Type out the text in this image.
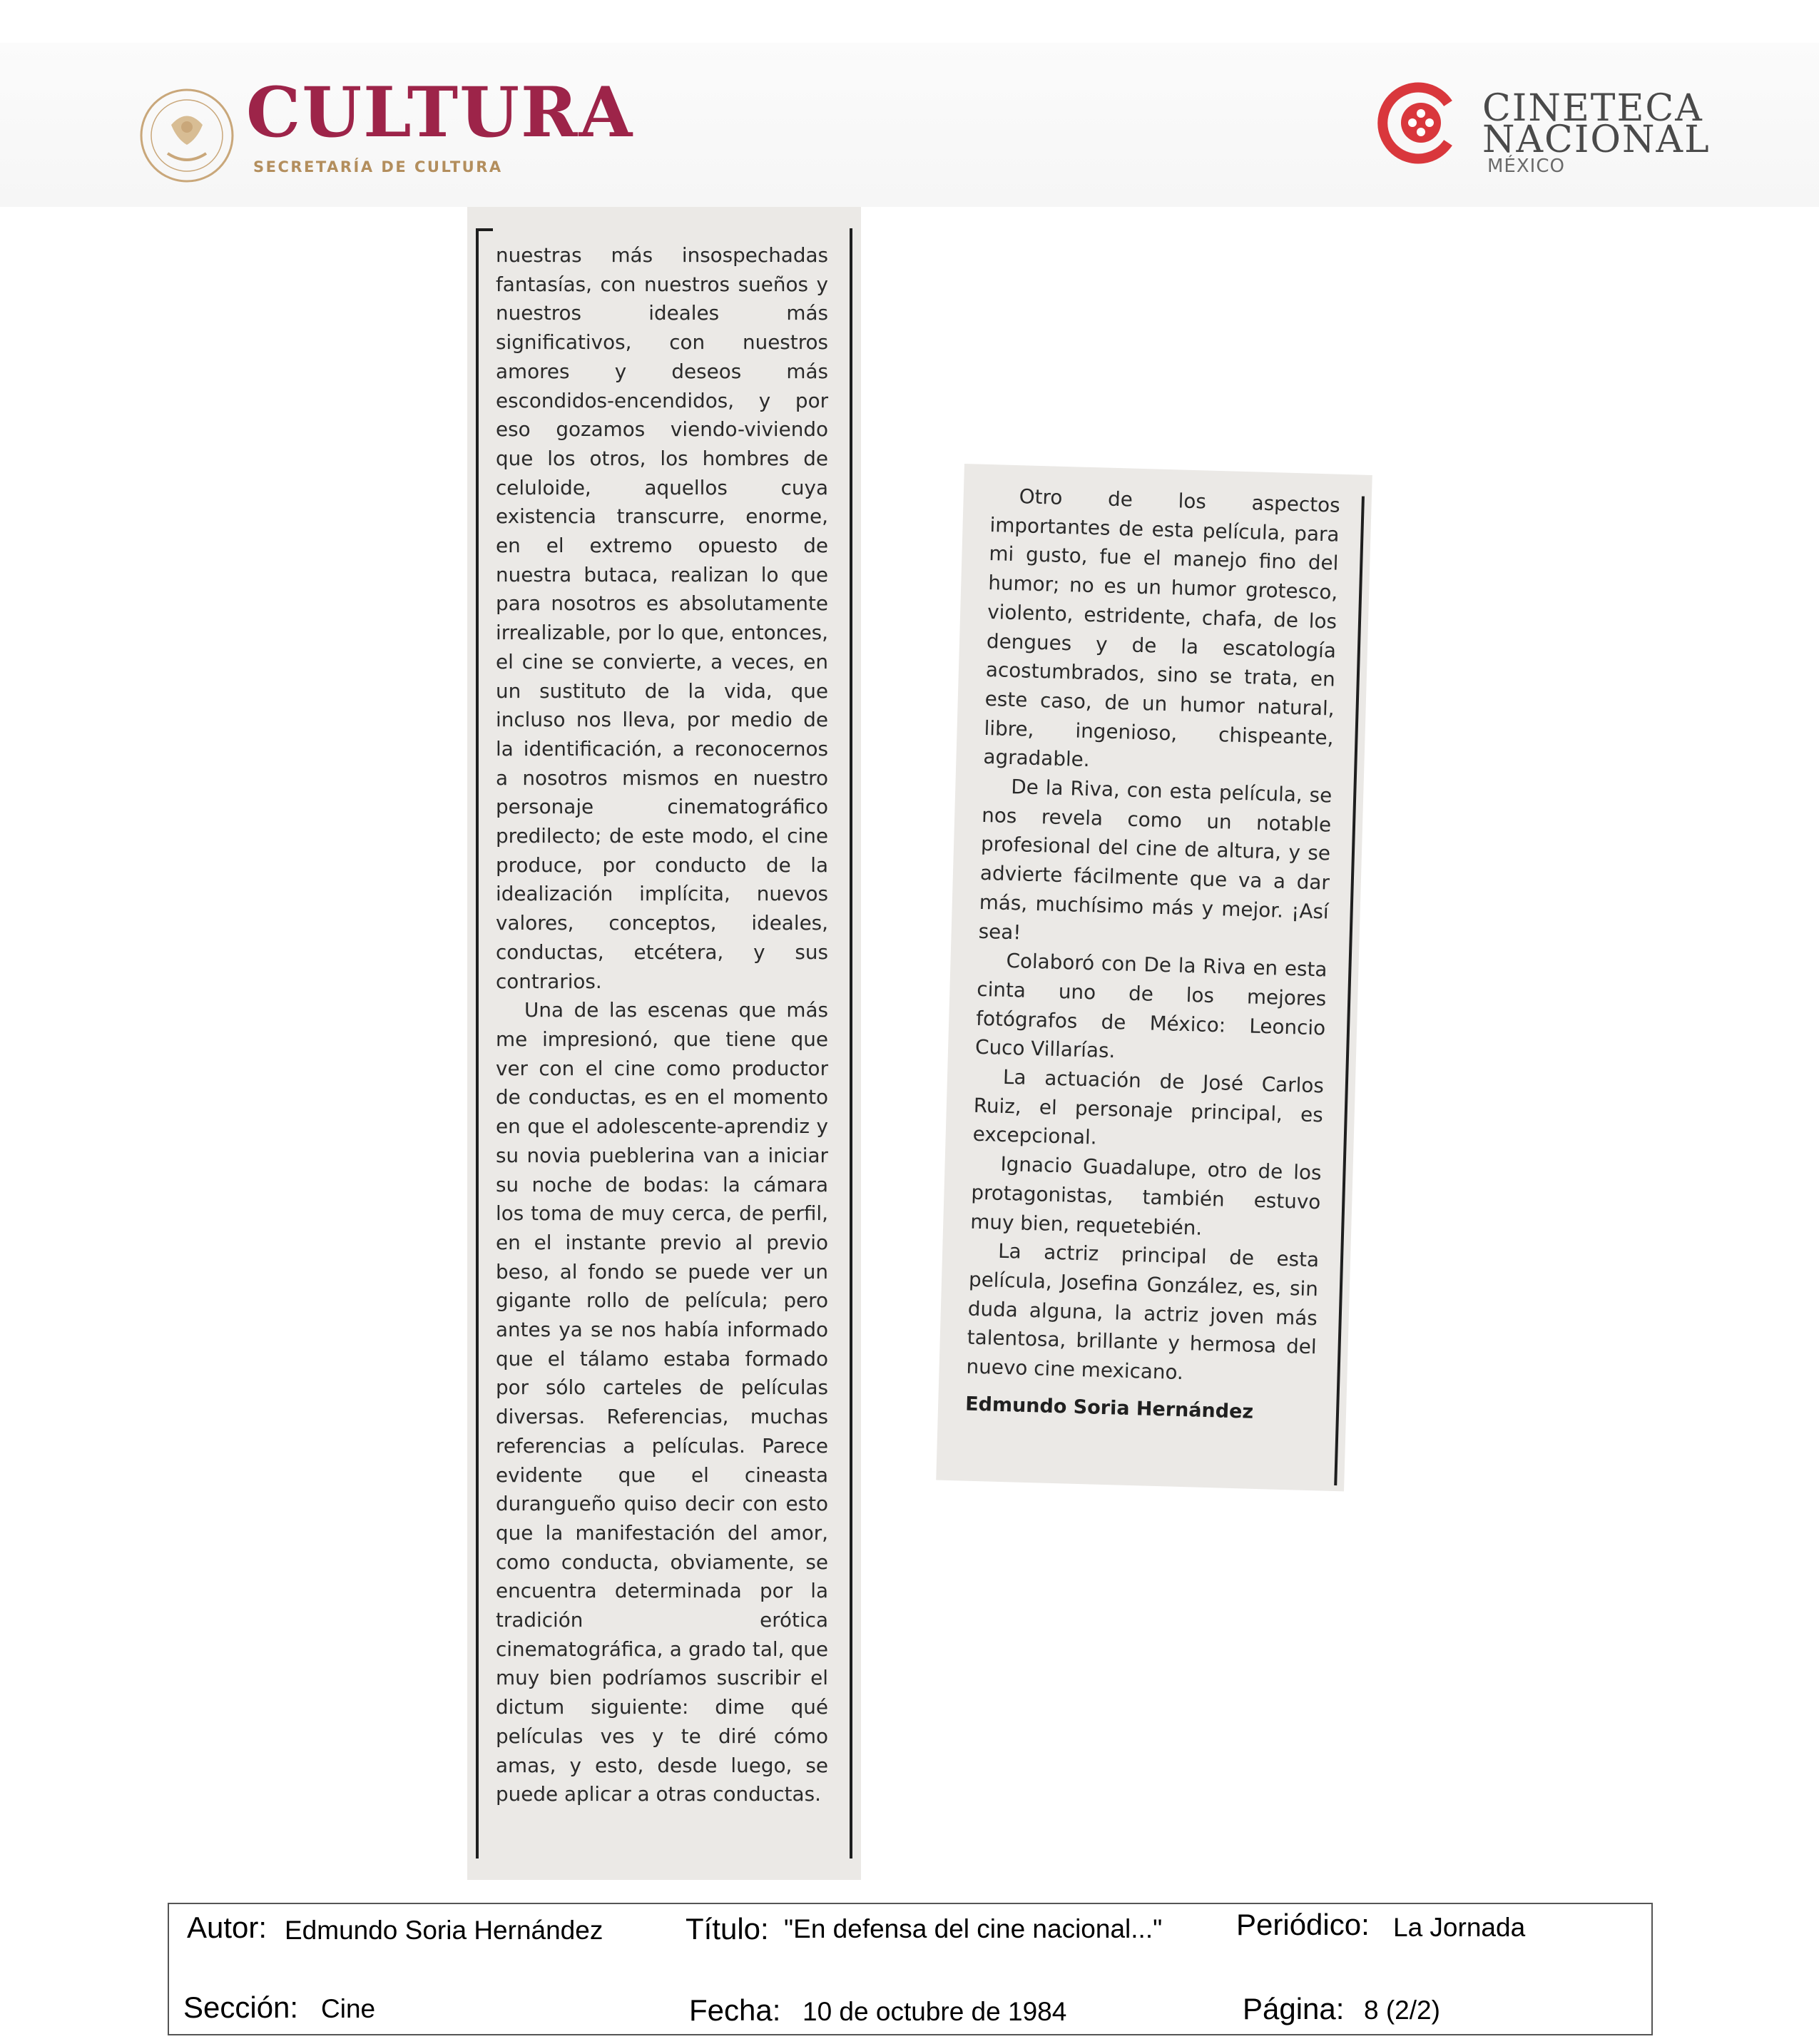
CULTURA
SECRETARÍA DE CULTURA
CINETECA
NACIONAL
MÉXICO

nuestras más insospechadas fantasías, con nuestros sueños y nuestros ideales más significativos, con nuestros amores y deseos más escondidos-encendidos, y por eso gozamos viendo-viviendo que los otros, los hombres de celuloide, aquellos cuya existencia transcurre, enorme, en el extremo opuesto de nuestra butaca, realizan lo que para nosotros es absolutamente irrealizable, por lo que, entonces, el cine se convierte, a veces, en un sustituto de la vida, que incluso nos lleva, por medio de la identificación, a reconocernos a nosotros mismos en nuestro personaje cinematográfico predilecto; de este modo, el cine produce, por conducto de la idealización implícita, nuevos valores, conceptos, ideales, conductas, etcétera, y sus contrarios.

Una de las escenas que más me impresionó, que tiene que ver con el cine como productor de conductas, es en el momento en que el adolescente-aprendiz y su novia pueblerina van a iniciar su noche de bodas: la cámara los toma de muy cerca, de perfil, en el instante previo al previo beso, al fondo se puede ver un gigante rollo de película; pero antes ya se nos había informado que el tálamo estaba formado por sólo carteles de películas diversas. Referencias, muchas referencias a películas. Parece evidente que el cineasta durangueño quiso decir con esto que la manifestación del amor, como conducta, obviamente, se encuentra determinada por la tradición erótica cinematográfica, a grado tal, que muy bien podríamos suscribir el dictum siguiente: dime qué películas ves y te diré cómo amas, y esto, desde luego, se puede aplicar a otras conductas.

Otro de los aspectos importantes de esta película, para mi gusto, fue el manejo fino del humor; no es un humor grotesco, violento, estridente, chafa, de los dengues y de la escatología acostumbrados, sino se trata, en este caso, de un humor natural, libre, ingenioso, chispeante, agradable.

De la Riva, con esta película, se nos revela como un notable profesional del cine de altura, y se advierte fácilmente que va a dar más, muchísimo más y mejor. ¡Así sea!

Colaboró con De la Riva en esta cinta uno de los mejores fotógrafos de México: Leoncio Cuco Villarías.

La actuación de José Carlos Ruiz, el personaje principal, es excepcional.

Ignacio Guadalupe, otro de los protagonistas, también estuvo muy bien, requetebién.

La actriz principal de esta película, Josefina González, es, sin duda alguna, la actriz joven más talentosa, brillante y hermosa del nuevo cine mexicano.

Edmundo Soria Hernández
Autor: Edmundo Soria Hernández	Título: "En defensa del cine nacional..." Periódico: La Jornada
Sección: Cine	Fecha: 10 de octubre de 1984	Página: 8 (2/2)
